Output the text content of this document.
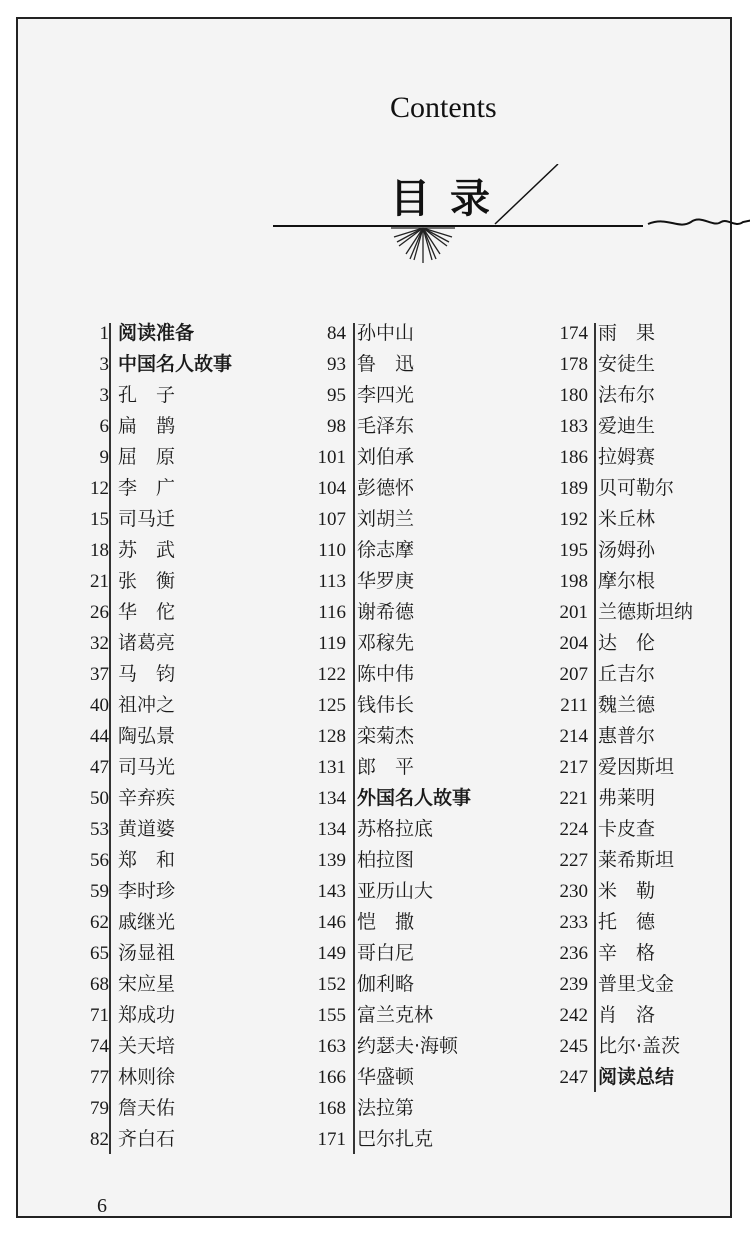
Contents
目录
1 阅读准备
3 中国名人故事
3 孔　子
6 扁　鹊
9 屈　原
12 李　广
15 司马迁
18 苏　武
21 张　衡
26 华　佗
32 诸葛亮
37 马　钧
40 祖冲之
44 陶弘景
47 司马光
50 辛弃疾
53 黄道婆
56 郑　和
59 李时珍
62 戚继光
65 汤显祖
68 宋应星
71 郑成功
74 关天培
77 林则徐
79 詹天佑
82 齐白石
84 孙中山
93 鲁　迅
95 李四光
98 毛泽东
101 刘伯承
104 彭德怀
107 刘胡兰
110 徐志摩
113 华罗庚
116 谢希德
119 邓稼先
122 陈中伟
125 钱伟长
128 栾菊杰
131 郎　平
134 外国名人故事
134 苏格拉底
139 柏拉图
143 亚历山大
146 恺　撒
149 哥白尼
152 伽利略
155 富兰克林
163 约瑟夫·海顿
166 华盛顿
168 法拉第
171 巴尔扎克
174 雨　果
178 安徒生
180 法布尔
183 爱迪生
186 拉姆赛
189 贝可勒尔
192 米丘林
195 汤姆孙
198 摩尔根
201 兰德斯坦纳
204 达　伦
207 丘吉尔
211 魏兰德
214 惠普尔
217 爱因斯坦
221 弗莱明
224 卡皮查
227 莱希斯坦
230 米　勒
233 托　德
236 辛　格
239 普里戈金
242 肖　洛
245 比尔·盖茨
247 阅读总结
6
